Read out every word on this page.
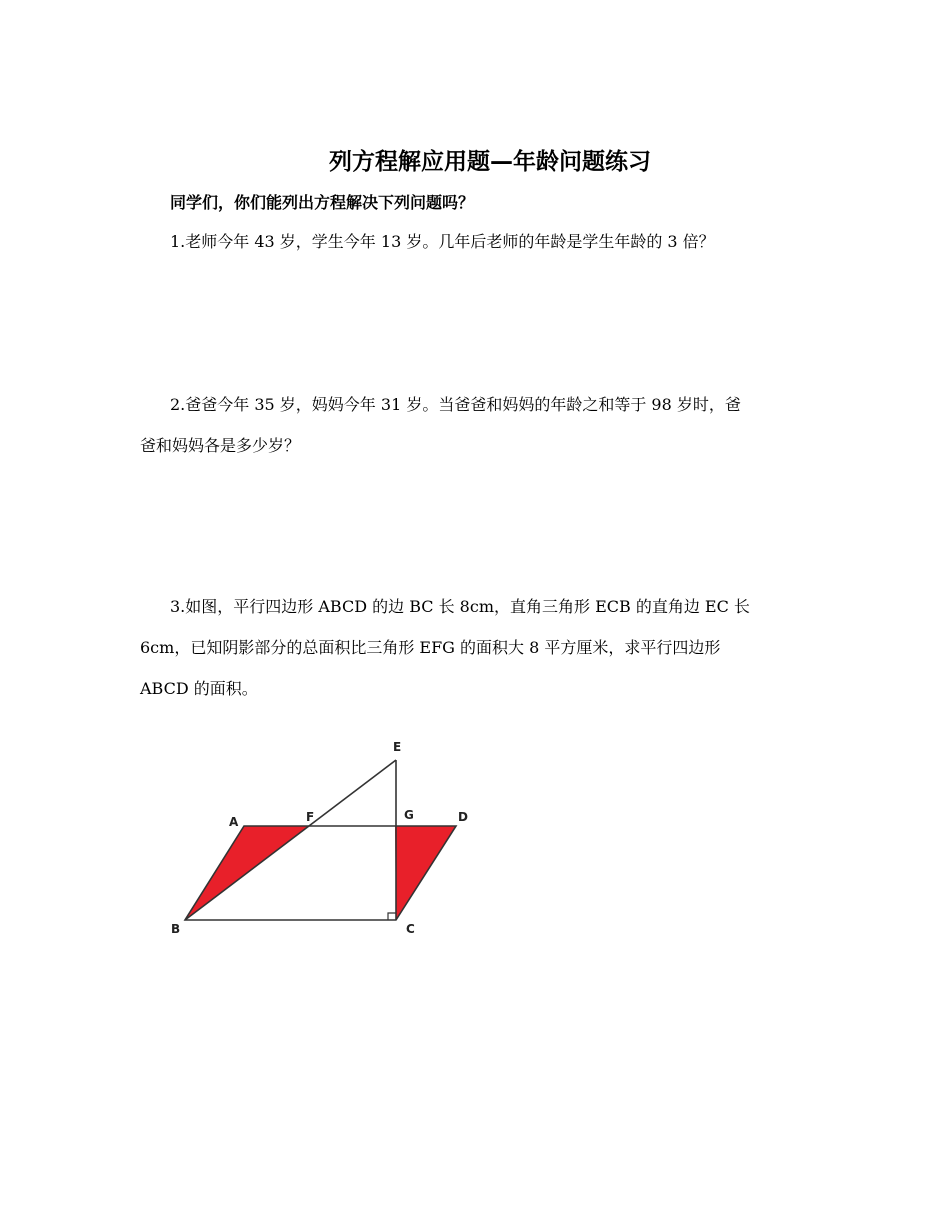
列方程解应用题—年龄问题练习
同学们，你们能列出方程解决下列问题吗？
1.老师今年 43 岁，学生今年 13 岁。几年后老师的年龄是学生年龄的 3 倍？
2.爸爸今年 35 岁，妈妈今年 31 岁。当爸爸和妈妈的年龄之和等于 98 岁时，爸
爸和妈妈各是多少岁？
3.如图，平行四边形 ABCD 的边 BC 长 8cm，直角三角形 ECB 的直角边 EC 长
6cm，已知阴影部分的总面积比三角形 EFG 的面积大 8 平方厘米，求平行四边形
ABCD 的面积。
A
B	C
D
E
F	G
